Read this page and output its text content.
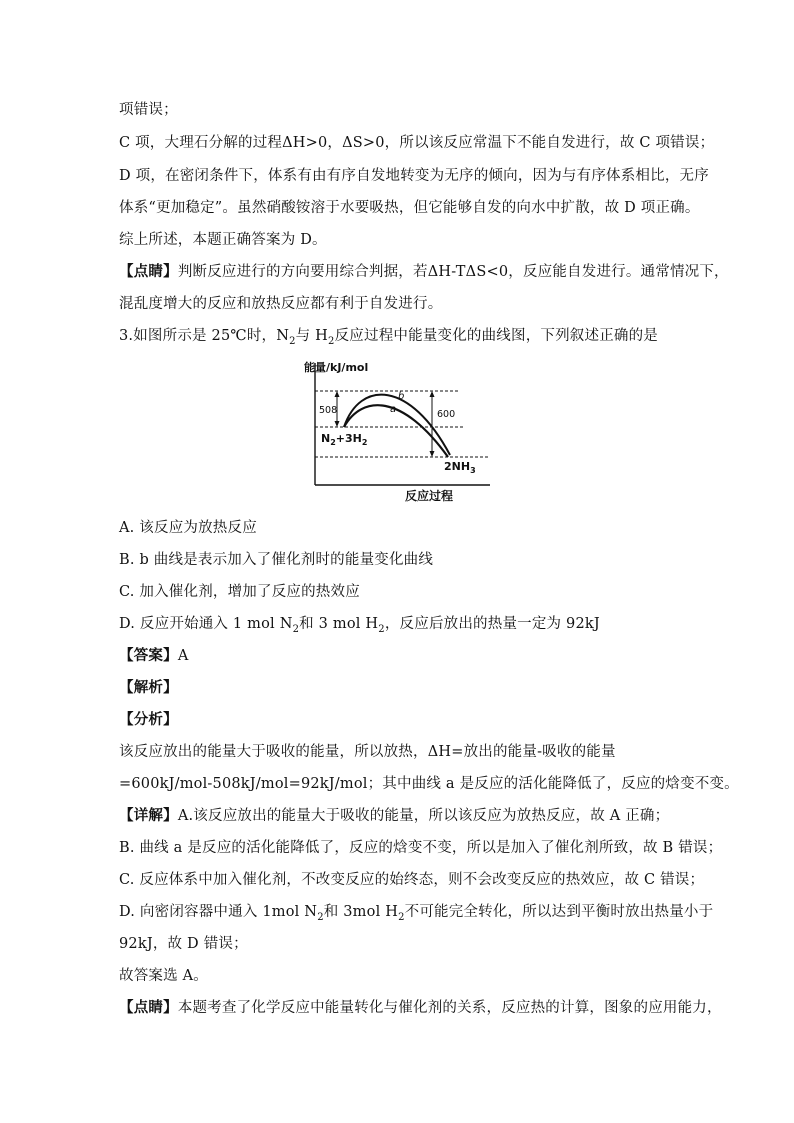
项错误；
C 项，大理石分解的过程ΔH>0，ΔS>0，所以该反应常温下不能自发进行，故 C 项错误；
D 项，在密闭条件下，体系有由有序自发地转变为无序的倾向，因为与有序体系相比，无序
体系“更加稳定”。虽然硝酸铵溶于水要吸热，但它能够自发的向水中扩散，故 D 项正确。
综上所述，本题正确答案为 D。
【点睛】判断反应进行的方向要用综合判据，若ΔH-TΔS<0，反应能自发进行。通常情况下，
混乱度增大的反应和放热反应都有利于自发进行。
3.如图所示是 25℃时，$N_2$与 $H_2$反应过程中能量变化的曲线图，下列叙述正确的是
能量/kJ/mol
反应过程
508	600
a
b
$N_2+3H_2$
$2NH_3$
A. 该反应为放热反应
B. b 曲线是表示加入了催化剂时的能量变化曲线
C. 加入催化剂，增加了反应的热效应
D. 反应开始通入 1 mol $N_2$和 3 mol $H_2$，反应后放出的热量一定为 92kJ
【答案】A
【解析】
【分析】
该反应放出的能量大于吸收的能量，所以放热，ΔH=放出的能量-吸收的能量
=600kJ/mol-508kJ/mol=92kJ/mol；其中曲线 a 是反应的活化能降低了，反应的焓变不变。
【详解】A.该反应放出的能量大于吸收的能量，所以该反应为放热反应，故 A 正确；
B. 曲线 a 是反应的活化能降低了，反应的焓变不变，所以是加入了催化剂所致，故 B 错误；
C. 反应体系中加入催化剂，不改变反应的始终态，则不会改变反应的热效应，故 C 错误；
D. 向密闭容器中通入 1mol $N_2$和 3mol $H_2$不可能完全转化，所以达到平衡时放出热量小于
92kJ，故 D 错误；
故答案选 A。
【点睛】本题考查了化学反应中能量转化与催化剂的关系，反应热的计算，图象的应用能力，
